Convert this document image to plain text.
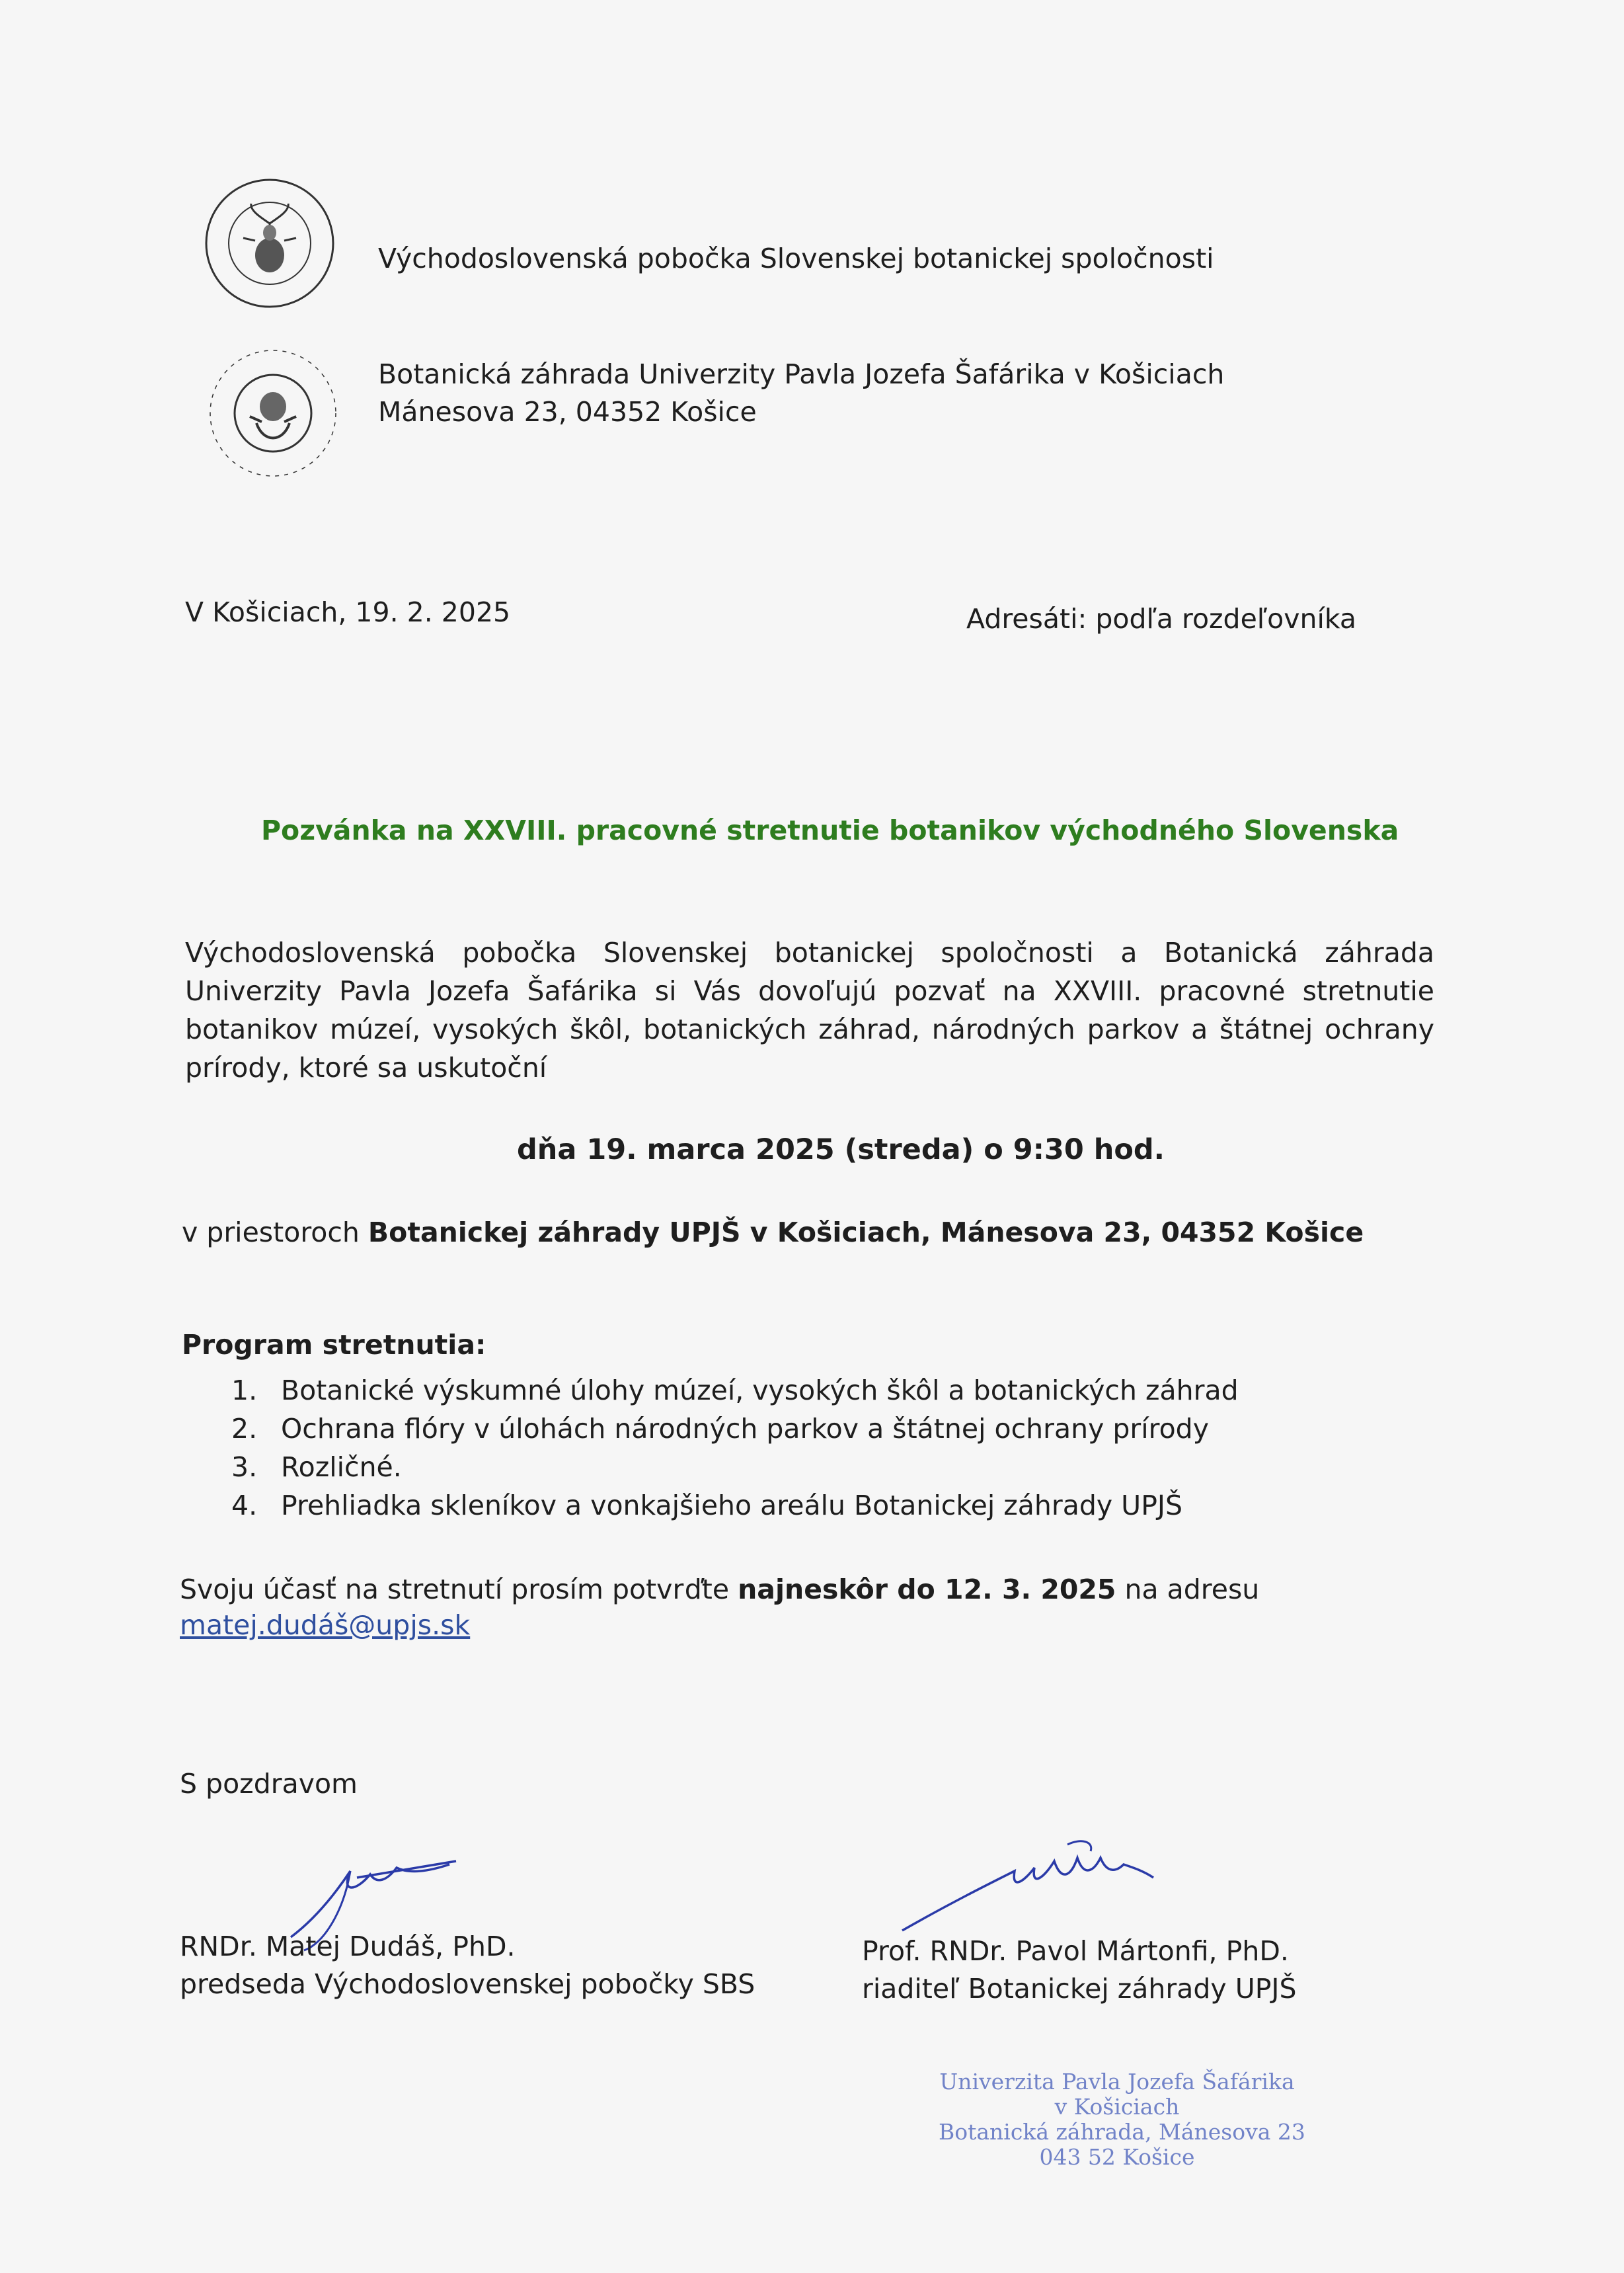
Východoslovenská pobočka Slovenskej botanickej spoločnosti
Botanická záhrada Univerzity Pavla Jozefa Šafárika v Košiciach
Mánesova 23, 04352 Košice
V Košiciach, 19. 2. 2025	Adresáti: podľa rozdeľovníka
Pozvánka na XXVIII. pracovné stretnutie botanikov východného Slovenska
Východoslovenská pobočka Slovenskej botanickej spoločnosti a Botanická záhrada Univerzity Pavla Jozefa Šafárika si Vás dovoľujú pozvať na XXVIII. pracovné stretnutie botanikov múzeí, vysokých škôl, botanických záhrad, národných parkov a štátnej ochrany prírody, ktoré sa uskutoční
dňa 19. marca 2025 (streda) o 9:30 hod.
v priestoroch Botanickej záhrady UPJŠ v Košiciach, Mánesova 23, 04352 Košice
Program stretnutia:
1. Botanické výskumné úlohy múzeí, vysokých škôl a botanických záhrad
2. Ochrana flóry v úlohách národných parkov a štátnej ochrany prírody
3. Rozličné.
4. Prehliadka skleníkov a vonkajšieho areálu Botanickej záhrady UPJŠ
Svoju účasť na stretnutí prosím potvrďte najneskôr do 12. 3. 2025 na adresu
matej.dudáš@upjs.sk
S pozdravom
RNDr. Matej Dudáš, PhD.
predseda Východoslovenskej pobočky SBS
Prof. RNDr. Pavol Mártonfi, PhD.
riaditeľ Botanickej záhrady UPJŠ
Univerzita Pavla Jozefa Šafárika
v Košiciach
Botanická záhrada, Mánesova 23
043 52 Košice
